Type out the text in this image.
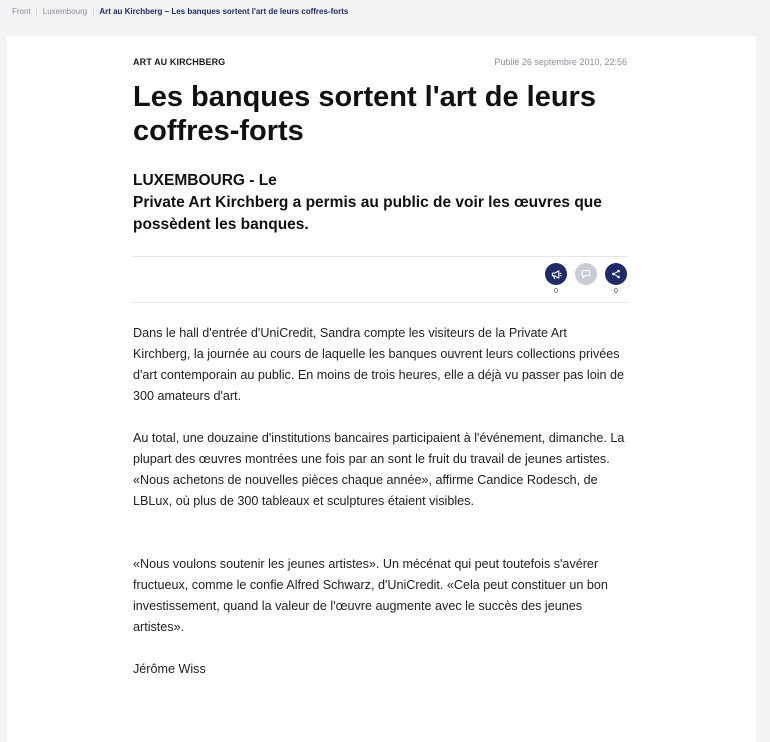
Front | Luxembourg | Art au Kirchberg – Les banques sortent l'art de leurs coffres-forts
ART AU KIRCHBERG	Publié 26 septembre 2010, 22:56
Les banques sortent l'art de leurs coffres-forts
LUXEMBOURG - Le
Private Art Kirchberg a permis au public de voir les œuvres que possèdent les banques.
0	0

Dans le hall d'entrée d'UniCredit, Sandra compte les visiteurs de la Private Art Kirchberg, la journée au cours de laquelle les banques ouvrent leurs collections privées d'art contemporain au public. En moins de trois heures, elle a déjà vu passer pas loin de 300 amateurs d'art.

Au total, une douzaine d'institutions bancaires participaient à l'événement, dimanche. La plupart des œuvres montrées une fois par an sont le fruit du travail de jeunes artistes. «Nous achetons de nouvelles pièces chaque année», affirme Candice Rodesch, de LBLux, où plus de 300 tableaux et sculptures étaient visibles.

«Nous voulons soutenir les jeunes artistes». Un mécénat qui peut toutefois s'avérer fructueux, comme le confie Alfred Schwarz, d'UniCredit. «Cela peut constituer un bon investissement, quand la valeur de l'œuvre augmente avec le succès des jeunes artistes».

Jérôme Wiss
